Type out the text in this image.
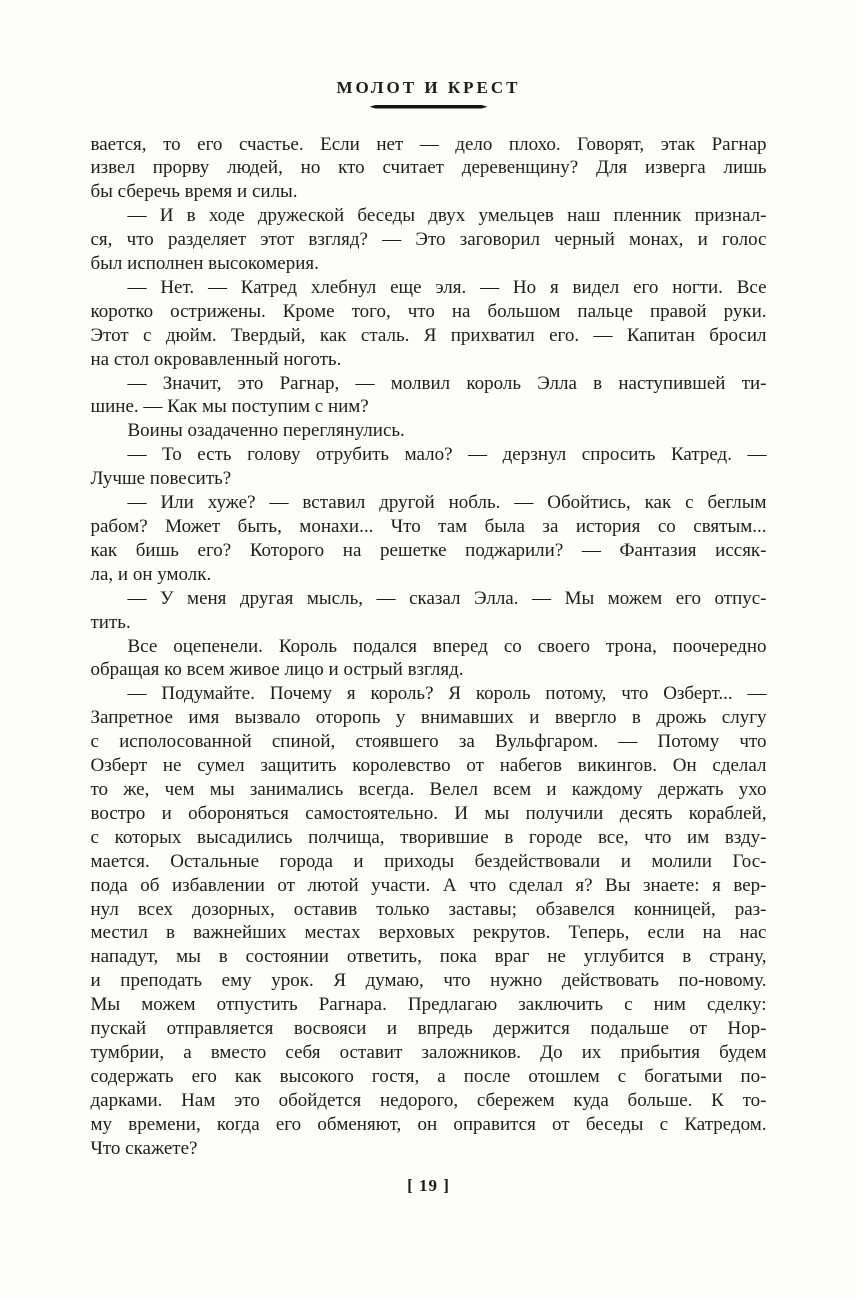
МОЛОТ И КРЕСТ
вается, то его счастье. Если нет — дело плохо. Говорят, этак Рагнар
извел прорву людей, но кто считает деревенщину? Для изверга лишь
бы сберечь время и силы.
— И в ходе дружеской беседы двух умельцев наш пленник признал-
ся, что разделяет этот взгляд? — Это заговорил черный монах, и голос
был исполнен высокомерия.
— Нет. — Катред хлебнул еще эля. — Но я видел его ногти. Все
коротко острижены. Кроме того, что на большом пальце правой руки.
Этот с дюйм. Твердый, как сталь. Я прихватил его. — Капитан бросил
на стол окровавленный ноготь.
— Значит, это Рагнар, — молвил король Элла в наступившей ти-
шине. — Как мы поступим с ним?
Воины озадаченно переглянулись.
— То есть голову отрубить мало? — дерзнул спросить Катред. —
Лучше повесить?
— Или хуже? — вставил другой нобль. — Обойтись, как с беглым
рабом? Может быть, монахи... Что там была за история со святым...
как бишь его? Которого на решетке поджарили? — Фантазия иссяк-
ла, и он умолк.
— У меня другая мысль, — сказал Элла. — Мы можем его отпус-
тить.
Все оцепенели. Король подался вперед со своего трона, поочередно
обращая ко всем живое лицо и острый взгляд.
— Подумайте. Почему я король? Я король потому, что Озберт... —
Запретное имя вызвало оторопь у внимавших и ввергло в дрожь слугу
с исполосованной спиной, стоявшего за Вульфгаром. — Потому что
Озберт не сумел защитить королевство от набегов викингов. Он сделал
то же, чем мы занимались всегда. Велел всем и каждому держать ухо
востро и обороняться самостоятельно. И мы получили десять кораблей,
с которых высадились полчища, творившие в городе все, что им взду-
мается. Остальные города и приходы бездействовали и молили Гос-
пода об избавлении от лютой участи. А что сделал я? Вы знаете: я вер-
нул всех дозорных, оставив только заставы; обзавелся конницей, раз-
местил в важнейших местах верховых рекрутов. Теперь, если на нас
нападут, мы в состоянии ответить, пока враг не углубится в страну,
и преподать ему урок. Я думаю, что нужно действовать по-новому.
Мы можем отпустить Рагнара. Предлагаю заключить с ним сделку:
пускай отправляется восвояси и впредь держится подальше от Нор-
тумбрии, а вместо себя оставит заложников. До их прибытия будем
содержать его как высокого гостя, а после отошлем с богатыми по-
дарками. Нам это обойдется недорого, сбережем куда больше. К то-
му времени, когда его обменяют, он оправится от беседы с Катредом.
Что скажете?
[ 19 ]
